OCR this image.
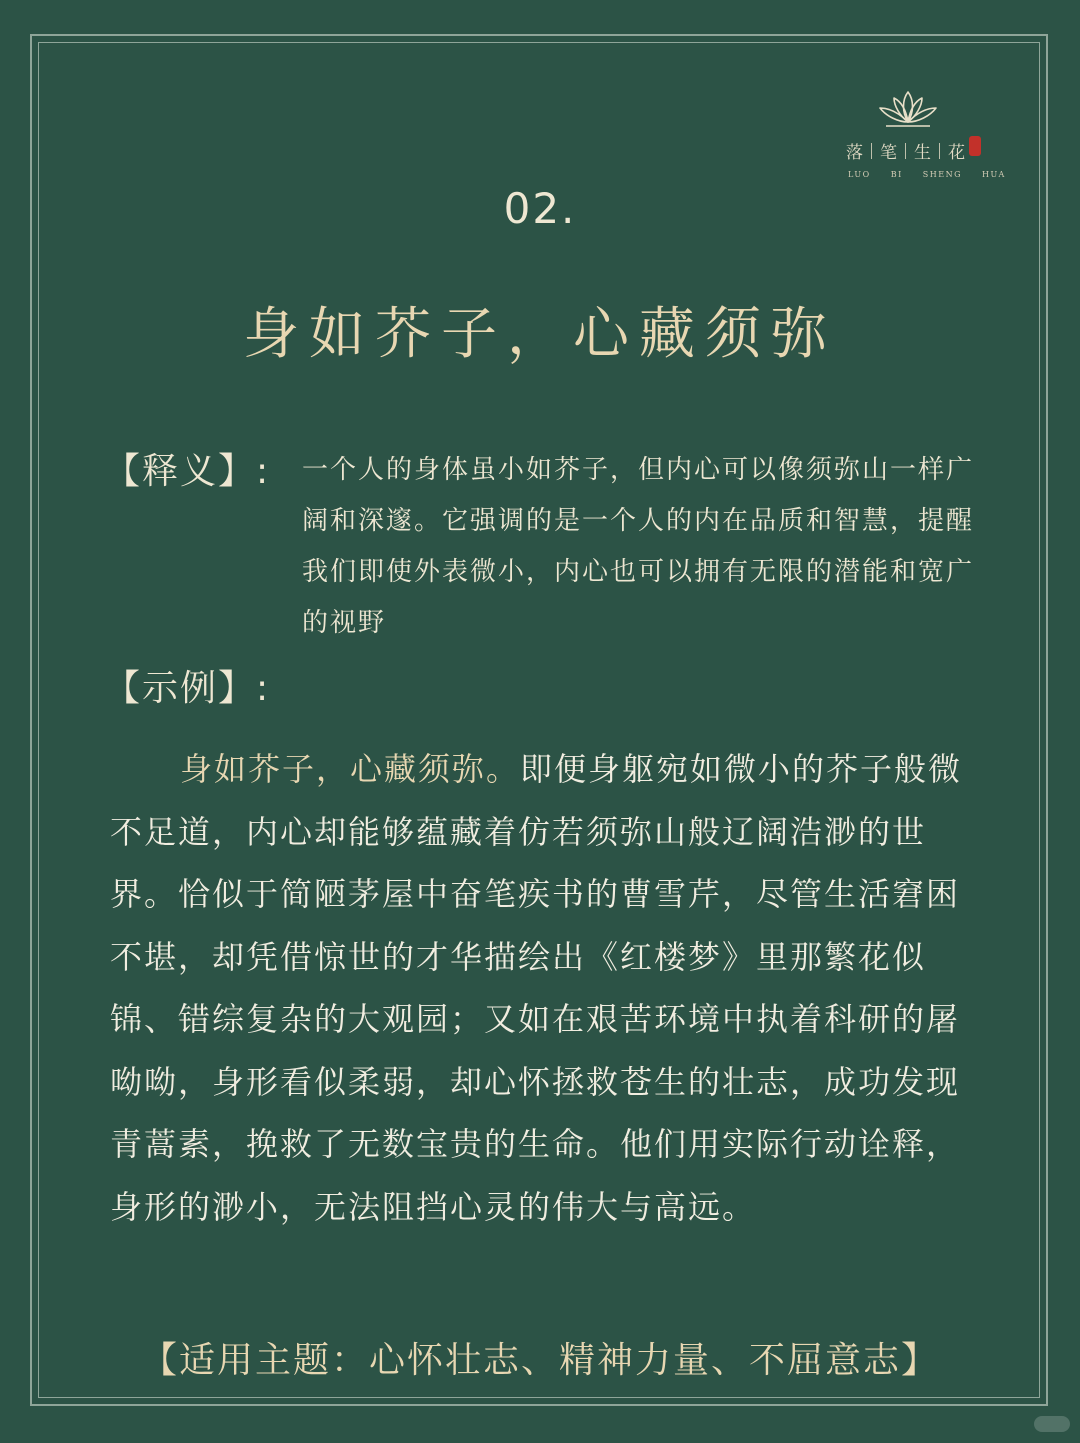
落 笔 生 花
LUO BI SHENG HUA
02.
身如芥子，心藏须弥
【释义】: 一个人的身体虽小如芥子，但内心可以像须弥山一样广阔和深邃。它强调的是一个人的内在品质和智慧，提醒我们即使外表微小，内心也可以拥有无限的潜能和宽广的视野
【示例】:
身如芥子，心藏须弥。即便身躯宛如微小的芥子般微不足道，内心却能够蕴藏着仿若须弥山般辽阔浩渺的世界。恰似于简陋茅屋中奋笔疾书的曹雪芹，尽管生活窘困不堪，却凭借惊世的才华描绘出《红楼梦》里那繁花似锦、错综复杂的大观园；又如在艰苦环境中执着科研的屠呦呦，身形看似柔弱，却心怀拯救苍生的壮志，成功发现青蒿素，挽救了无数宝贵的生命。他们用实际行动诠释，身形的渺小，无法阻挡心灵的伟大与高远。
【适用主题：心怀壮志、精神力量、不屈意志】
